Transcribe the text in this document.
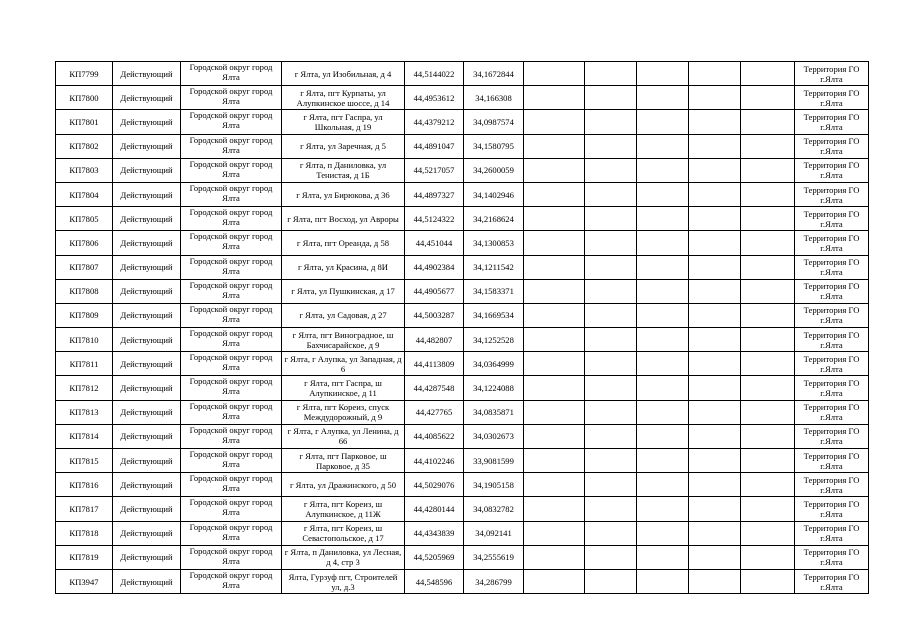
КП7799	Действующий	Городской округ город Ялта	г Ялта, ул Изобильная, д 4	44,5144022	34,1672844						Территория ГО г.Ялта
КП7800	Действующий	Городской округ город Ялта	г Ялта, пгт Курпаты, ул Алупкинское шоссе, д 14	44,4953612	34,166308						Территория ГО г.Ялта
КП7801	Действующий	Городской округ город Ялта	г Ялта, пгт Гаспра, ул Школьная, д 19	44,4379212	34,0987574						Территория ГО г.Ялта
КП7802	Действующий	Городской округ город Ялта	г Ялта, ул Заречная, д 5	44,4891047	34,1580795						Территория ГО г.Ялта
КП7803	Действующий	Городской округ город Ялта	г Ялта, п Даниловка, ул Тенистая, д 1Б	44,5217057	34,2600059						Территория ГО г.Ялта
КП7804	Действующий	Городской округ город Ялта	г Ялта, ул Бирюкова, д 36	44,4897327	34,1402946						Территория ГО г.Ялта
КП7805	Действующий	Городской округ город Ялта	г Ялта, пгт Восход, ул Авроры	44,5124322	34,2168624						Территория ГО г.Ялта
КП7806	Действующий	Городской округ город Ялта	г Ялта, пгт Ореанда, д 58	44,451044	34,1300853						Территория ГО г.Ялта
КП7807	Действующий	Городской округ город Ялта	г Ялта, ул Красина, д 8И	44,4902384	34,1211542						Территория ГО г.Ялта
КП7808	Действующий	Городской округ город Ялта	г Ялта, ул Пушкинская, д 17	44,4905677	34,1583371						Территория ГО г.Ялта
КП7809	Действующий	Городской округ город Ялта	г Ялта, ул Садовая, д 27	44,5003287	34,1669534						Территория ГО г.Ялта
КП7810	Действующий	Городской округ город Ялта	г Ялта, пгт Виноградное, ш Бахчисарайское, д 9	44,482807	34,1252528						Территория ГО г.Ялта
КП7811	Действующий	Городской округ город Ялта	г Ялта, г Алупка, ул Западная, д 6	44,4113809	34,0364999						Территория ГО г.Ялта
КП7812	Действующий	Городской округ город Ялта	г Ялта, пгт Гаспра, ш Алупкинское, д 11	44,4287548	34,1224088						Территория ГО г.Ялта
КП7813	Действующий	Городской округ город Ялта	г Ялта, пгт Кореиз, спуск Междудорожный, д 9	44,427765	34,0835871						Территория ГО г.Ялта
КП7814	Действующий	Городской округ город Ялта	г Ялта, г Алупка, ул Ленина, д 66	44,4085622	34,0302673						Территория ГО г.Ялта
КП7815	Действующий	Городской округ город Ялта	г Ялта, пгт Парковое, ш Парковое, д 35	44,4102246	33,9081599						Территория ГО г.Ялта
КП7816	Действующий	Городской округ город Ялта	г Ялта, ул Дражинского, д 50	44,5029076	34,1905158						Территория ГО г.Ялта
КП7817	Действующий	Городской округ город Ялта	г Ялта, пгт Кореиз, ш Алупкинское, д 11Ж	44,4280144	34,0832782						Территория ГО г.Ялта
КП7818	Действующий	Городской округ город Ялта	г Ялта, пгт Кореиз, ш Севастопольское, д 17	44,4343839	34,092141						Территория ГО г.Ялта
КП7819	Действующий	Городской округ город Ялта	г Ялта, п Даниловка, ул Лесная, д 4, стр 3	44,5205969	34,2555619						Территория ГО г.Ялта
КП3947	Действующий	Городской округ город Ялта	Ялта, Гурзуф пгт, Строителей ул, д.3	44,548596	34,286799						Территория ГО г.Ялта
